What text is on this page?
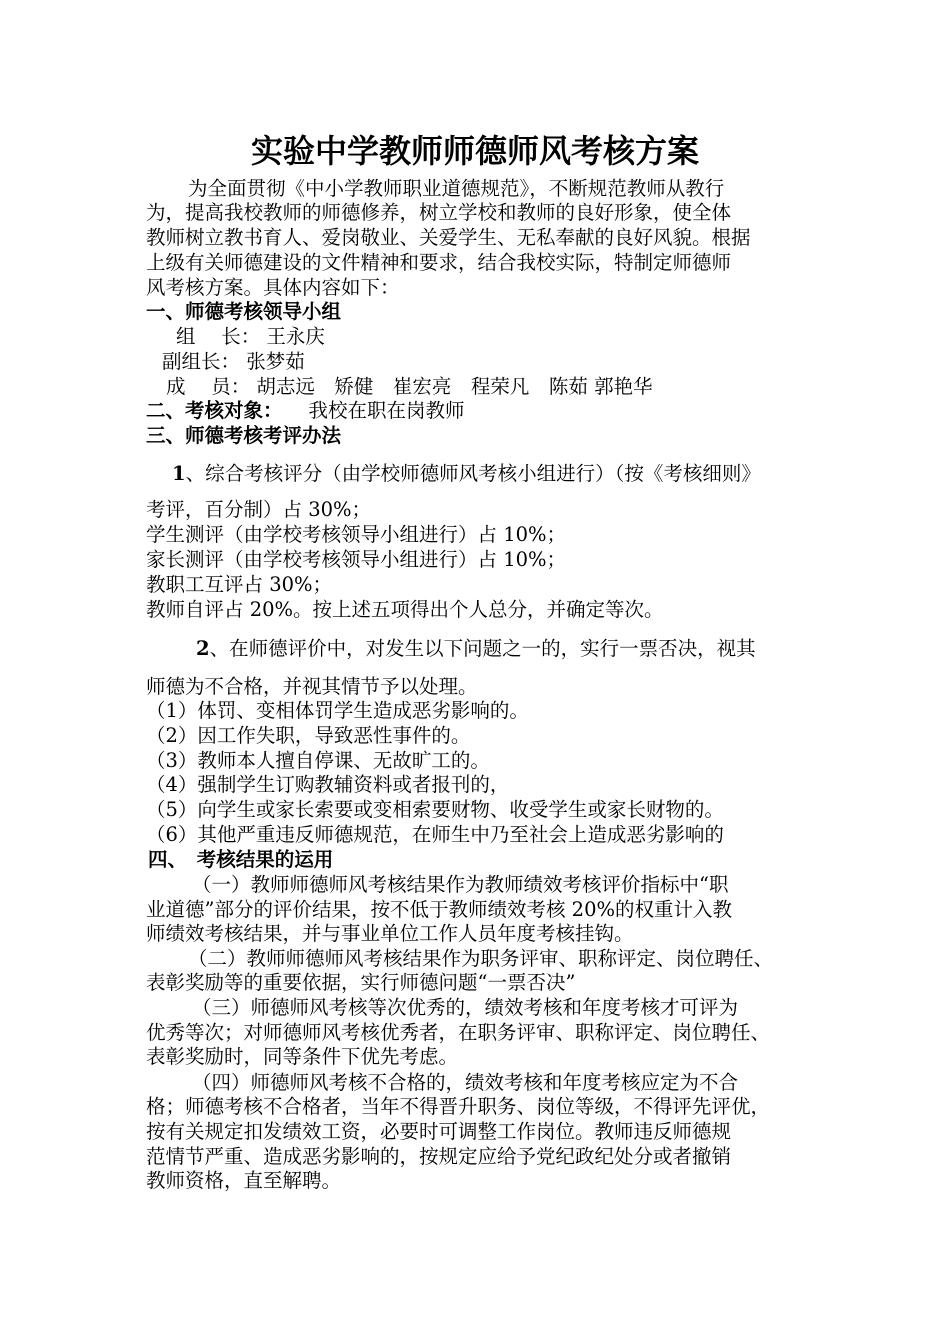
实验中学教师师德师风考核方案
为全面贯彻《中小学教师职业道德规范》，不断规范教师从教行
为，提高我校教师的师德修养，树立学校和教师的良好形象，使全体
教师树立教书育人、爱岗敬业、关爱学生、无私奉献的良好风貌。根据
上级有关师德建设的文件精神和要求，结合我校实际，特制定师德师
风考核方案。具体内容如下：
一、师德考核领导小组
组　 长： 王永庆
副组长： 张梦茹
成　 员： 胡志远　矫健　崔宏亮　程荣凡　陈茹 郭艳华
二、考核对象： 我校在职在岗教师
三、师德考核考评办法
1、综合考核评分（由学校师德师风考核小组进行）（按《考核细则》
考评，百分制）占 30%；
学生测评（由学校考核领导小组进行）占 10%；
家长测评（由学校考核领导小组进行）占 10%；
教职工互评占 30%；
教师自评占 20%。按上述五项得出个人总分，并确定等次。
2、在师德评价中，对发生以下问题之一的，实行一票否决，视其
师德为不合格，并视其情节予以处理。
（1）体罚、变相体罚学生造成恶劣影响的。
（2）因工作失职，导致恶性事件的。
（3）教师本人擅自停课、无故旷工的。
（4）强制学生订购教辅资料或者报刊的，
（5）向学生或家长索要或变相索要财物、收受学生或家长财物的。
（6）其他严重违反师德规范，在师生中乃至社会上造成恶劣影响的
四、　考核结果的运用
（一）教师师德师风考核结果作为教师绩效考核评价指标中“职
业道德”部分的评价结果，按不低于教师绩效考核 20%的权重计入教
师绩效考核结果，并与事业单位工作人员年度考核挂钩。
（二）教师师德师风考核结果作为职务评审、职称评定、岗位聘任、
表彰奖励等的重要依据，实行师德问题“一票否决”
（三）师德师风考核等次优秀的，绩效考核和年度考核才可评为
优秀等次；对师德师风考核优秀者，在职务评审、职称评定、岗位聘任、
表彰奖励时，同等条件下优先考虑。
（四）师德师风考核不合格的，绩效考核和年度考核应定为不合
格；师德考核不合格者，当年不得晋升职务、岗位等级，不得评先评优，
按有关规定扣发绩效工资，必要时可调整工作岗位。教师违反师德规
范情节严重、造成恶劣影响的，按规定应给予党纪政纪处分或者撤销
教师资格，直至解聘。
